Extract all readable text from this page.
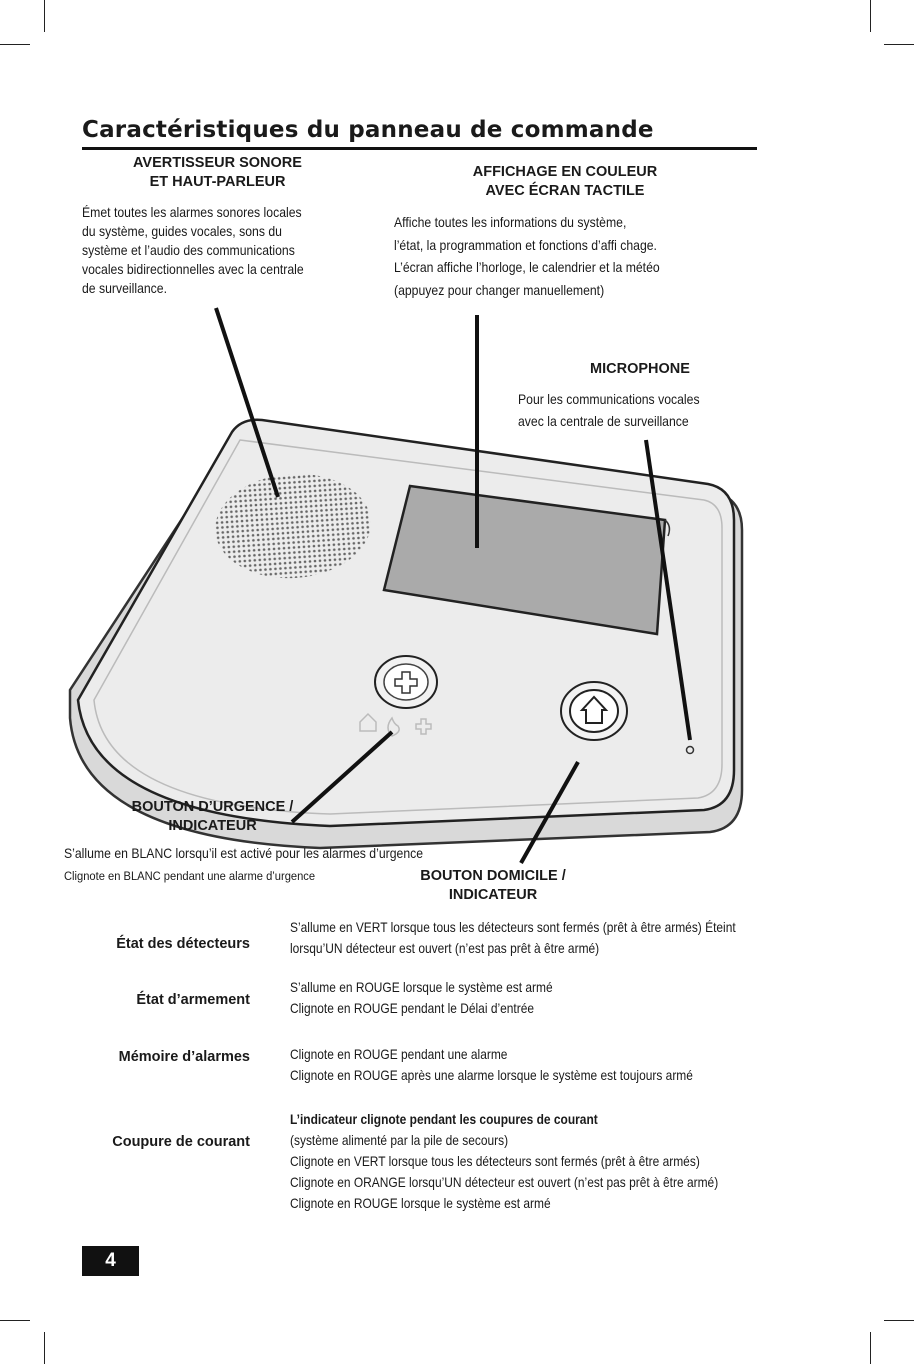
Caractéristiques du panneau de commande
AVERTISSEUR SONORE
ET HAUT-PARLEUR
Émet toutes les alarmes sonores locales
du système, guides vocales, sons du
système et l’audio des communications
vocales bidirectionnelles avec la centrale
de surveillance.
AFFICHAGE EN COULEUR
AVEC ÉCRAN TACTILE
Affiche toutes les informations du système,
l’état, la programmation et fonctions d’affi chage.
L’écran affiche l’horloge, le calendrier et la météo
(appuyez pour changer manuellement)
MICROPHONE
Pour les communications vocales
avec la centrale de surveillance
BOUTON D’URGENCE /
INDICATEUR
S’allume en BLANC lorsqu’il est activé pour les alarmes d’urgence
Clignote en BLANC pendant une alarme d’urgence	BOUTON DOMICILE /
INDICATEUR
État des détecteurs
S’allume en VERT lorsque tous les détecteurs sont fermés (prêt à être armés) Éteint
lorsqu’UN détecteur est ouvert (n’est pas prêt à être armé)
État d’armement
S’allume en ROUGE lorsque le système est armé
Clignote en ROUGE pendant le Délai d’entrée
Mémoire d’alarmes	Clignote en ROUGE pendant une alarme
Clignote en ROUGE après une alarme lorsque le système est toujours armé
Coupure de courant
L’indicateur clignote pendant les coupures de courant
(système alimenté par la pile de secours)
Clignote en VERT lorsque tous les détecteurs sont fermés (prêt à être armés)
Clignote en ORANGE lorsqu’UN détecteur est ouvert (n’est pas prêt à être armé)
Clignote en ROUGE lorsque le système est armé
4
